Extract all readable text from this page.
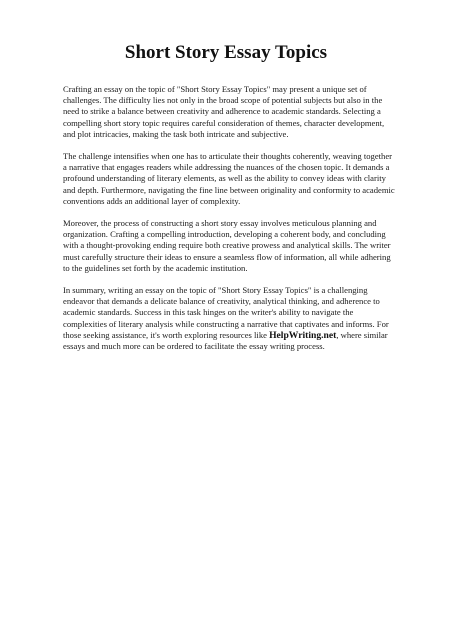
Short Story Essay Topics

Crafting an essay on the topic of "Short Story Essay Topics" may present a unique set of challenges. The difficulty lies not only in the broad scope of potential subjects but also in the need to strike a balance between creativity and adherence to academic standards. Selecting a compelling short story topic requires careful consideration of themes, character development, and plot intricacies, making the task both intricate and subjective.

The challenge intensifies when one has to articulate their thoughts coherently, weaving together a narrative that engages readers while addressing the nuances of the chosen topic. It demands a profound understanding of literary elements, as well as the ability to convey ideas with clarity and depth. Furthermore, navigating the fine line between originality and conformity to academic conventions adds an additional layer of complexity.

Moreover, the process of constructing a short story essay involves meticulous planning and organization. Crafting a compelling introduction, developing a coherent body, and concluding with a thought-provoking ending require both creative prowess and analytical skills. The writer must carefully structure their ideas to ensure a seamless flow of information, all while adhering to the guidelines set forth by the academic institution.

In summary, writing an essay on the topic of "Short Story Essay Topics" is a challenging endeavor that demands a delicate balance of creativity, analytical thinking, and adherence to academic standards. Success in this task hinges on the writer's ability to navigate the complexities of literary analysis while constructing a narrative that captivates and informs. For those seeking assistance, it's worth exploring resources like HelpWriting.net, where similar essays and much more can be ordered to facilitate the essay writing process.
